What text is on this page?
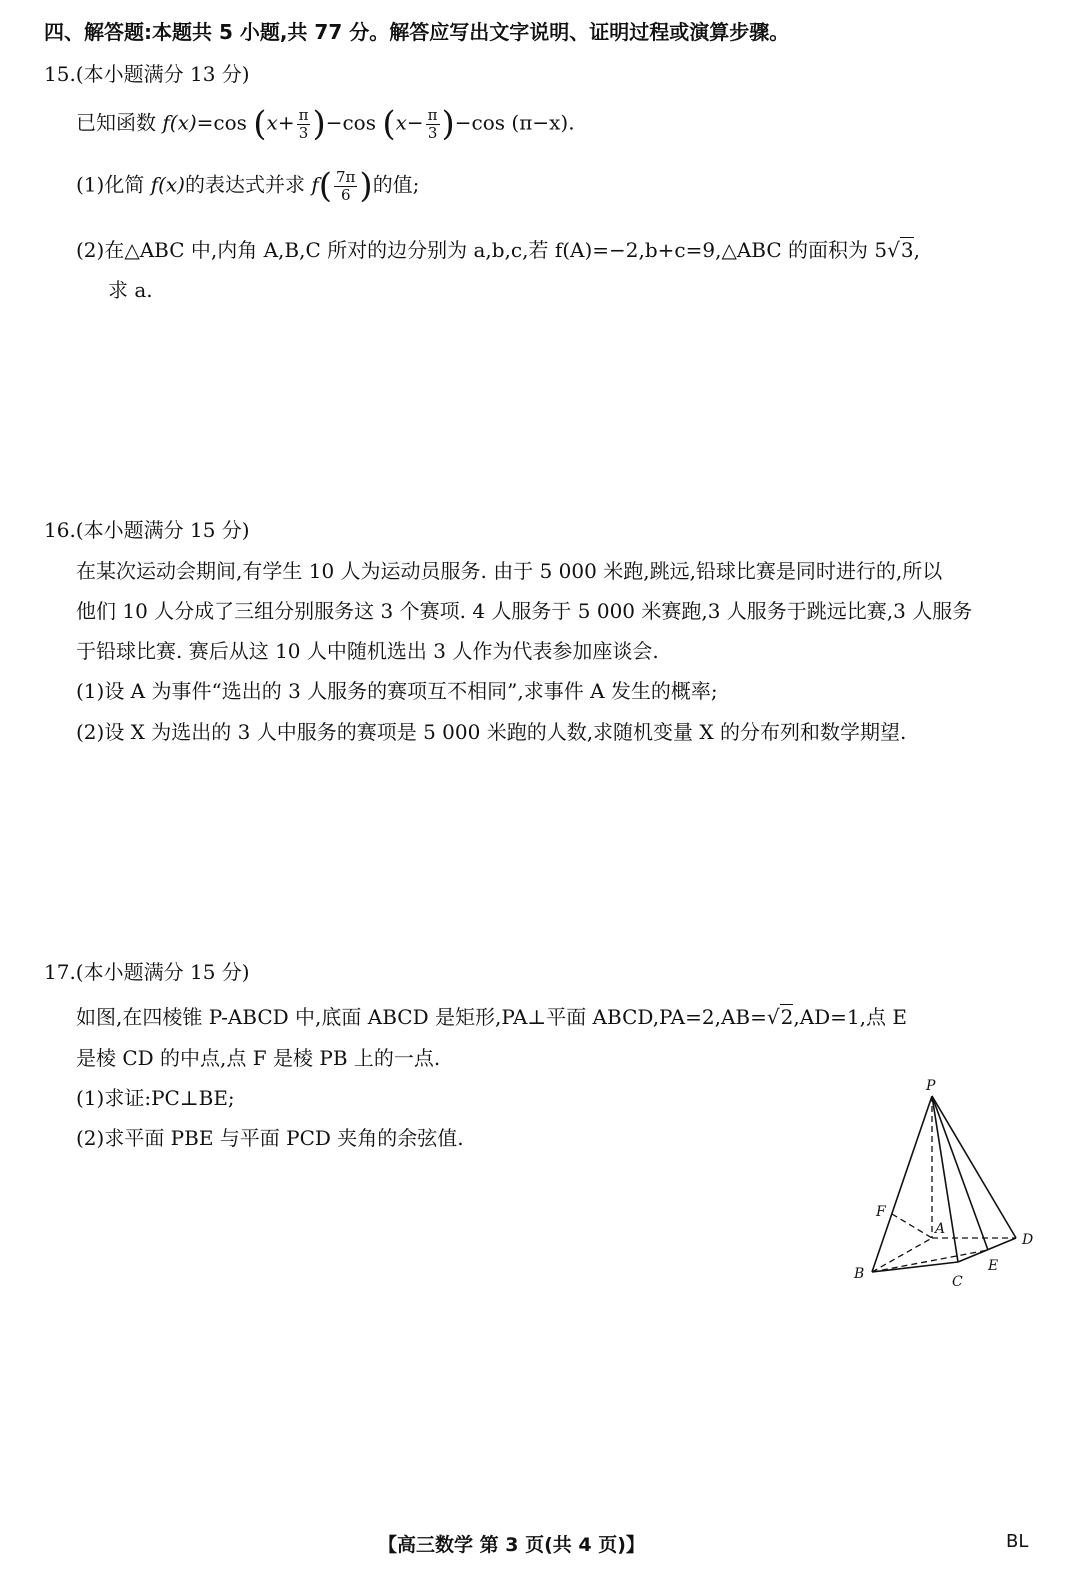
四、解答题:本题共 5 小题,共 77 分。解答应写出文字说明、证明过程或演算步骤。
15.(本小题满分 13 分)
已知函数 f(x)=cos $(x+ \frac{\pi}{3} )-\cos$ $(x- \frac{\pi}{3} )-\cos$ (π−x).
(1)化简 f(x)的表达式并求 $f( \frac{7\pi}{6}$ )的值;
(2)在△ABC 中,内角 A,B,C 所对的边分别为 a,b,c,若 f(A)=−2,b+c=9,△ABC 的面积为 5√3,
求 a.
16.(本小题满分 15 分)
在某次运动会期间,有学生 10 人为运动员服务. 由于 5 000 米跑,跳远,铅球比赛是同时进行的,所以
他们 10 人分成了三组分别服务这 3 个赛项. 4 人服务于 5 000 米赛跑,3 人服务于跳远比赛,3 人服务
于铅球比赛. 赛后从这 10 人中随机选出 3 人作为代表参加座谈会.
(1)设 A 为事件“选出的 3 人服务的赛项互不相同”,求事件 A 发生的概率;
(2)设 X 为选出的 3 人中服务的赛项是 5 000 米跑的人数,求随机变量 X 的分布列和数学期望.
17.(本小题满分 15 分)
如图,在四棱锥 P-ABCD 中,底面 ABCD 是矩形,PA⊥平面 ABCD,PA=2,AB=√2,AD=1,点 E
是棱 CD 的中点,点 F 是棱 PB 上的一点.
(1)求证:PC⊥BE;
(2)求平面 PBE 与平面 PCD 夹角的余弦值.
P
A
B	C
D
E
F
【高三数学 第 3 页(共 4 页)】	BL
